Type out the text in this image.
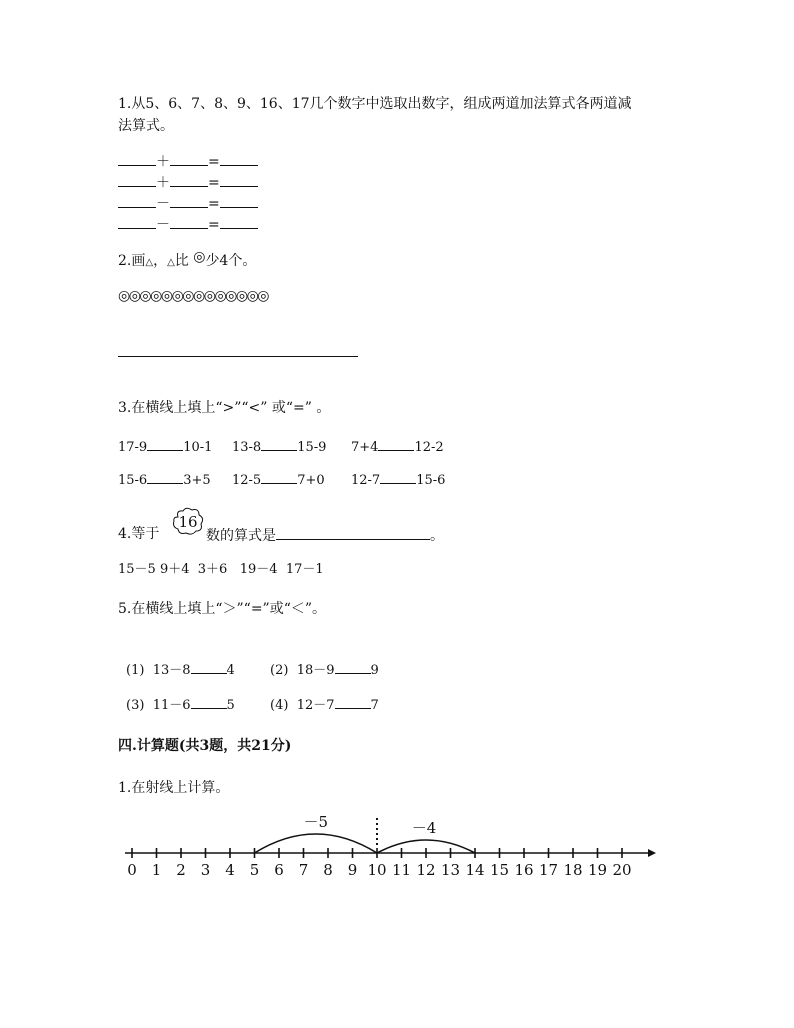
1.从5、6、7、8、9、16、17几个数字中选取出数字，组成两道加法算式各两道减
法算式。
＋	=
＋	=
－	=
－	=
2.画△，△比 ◎少4个。
◎◎◎◎◎◎◎◎◎◎◎◎◎◎
3.在横线上填上“>”“<” 或“=” 。
17-9	10-1 13-8	15-9 7+4	12-2
15-6	3+5 12-5	7+0 12-7	15-6
4.等于
16
数的算式是	。
15－5 9＋4 3＋6 19－4 17－1
5.在横线上填上“＞”“=”或“＜”。
(1) 13－8	4	(2) 18－9	9
(3) 11－6	5	(4) 12－7	7
四.计算题(共3题，共21分)
1.在射线上计算。
0 1 2 3 4 5 6 7 8 9 10 11 12 13 14 15 16 17 18 19 20
－5	－4
